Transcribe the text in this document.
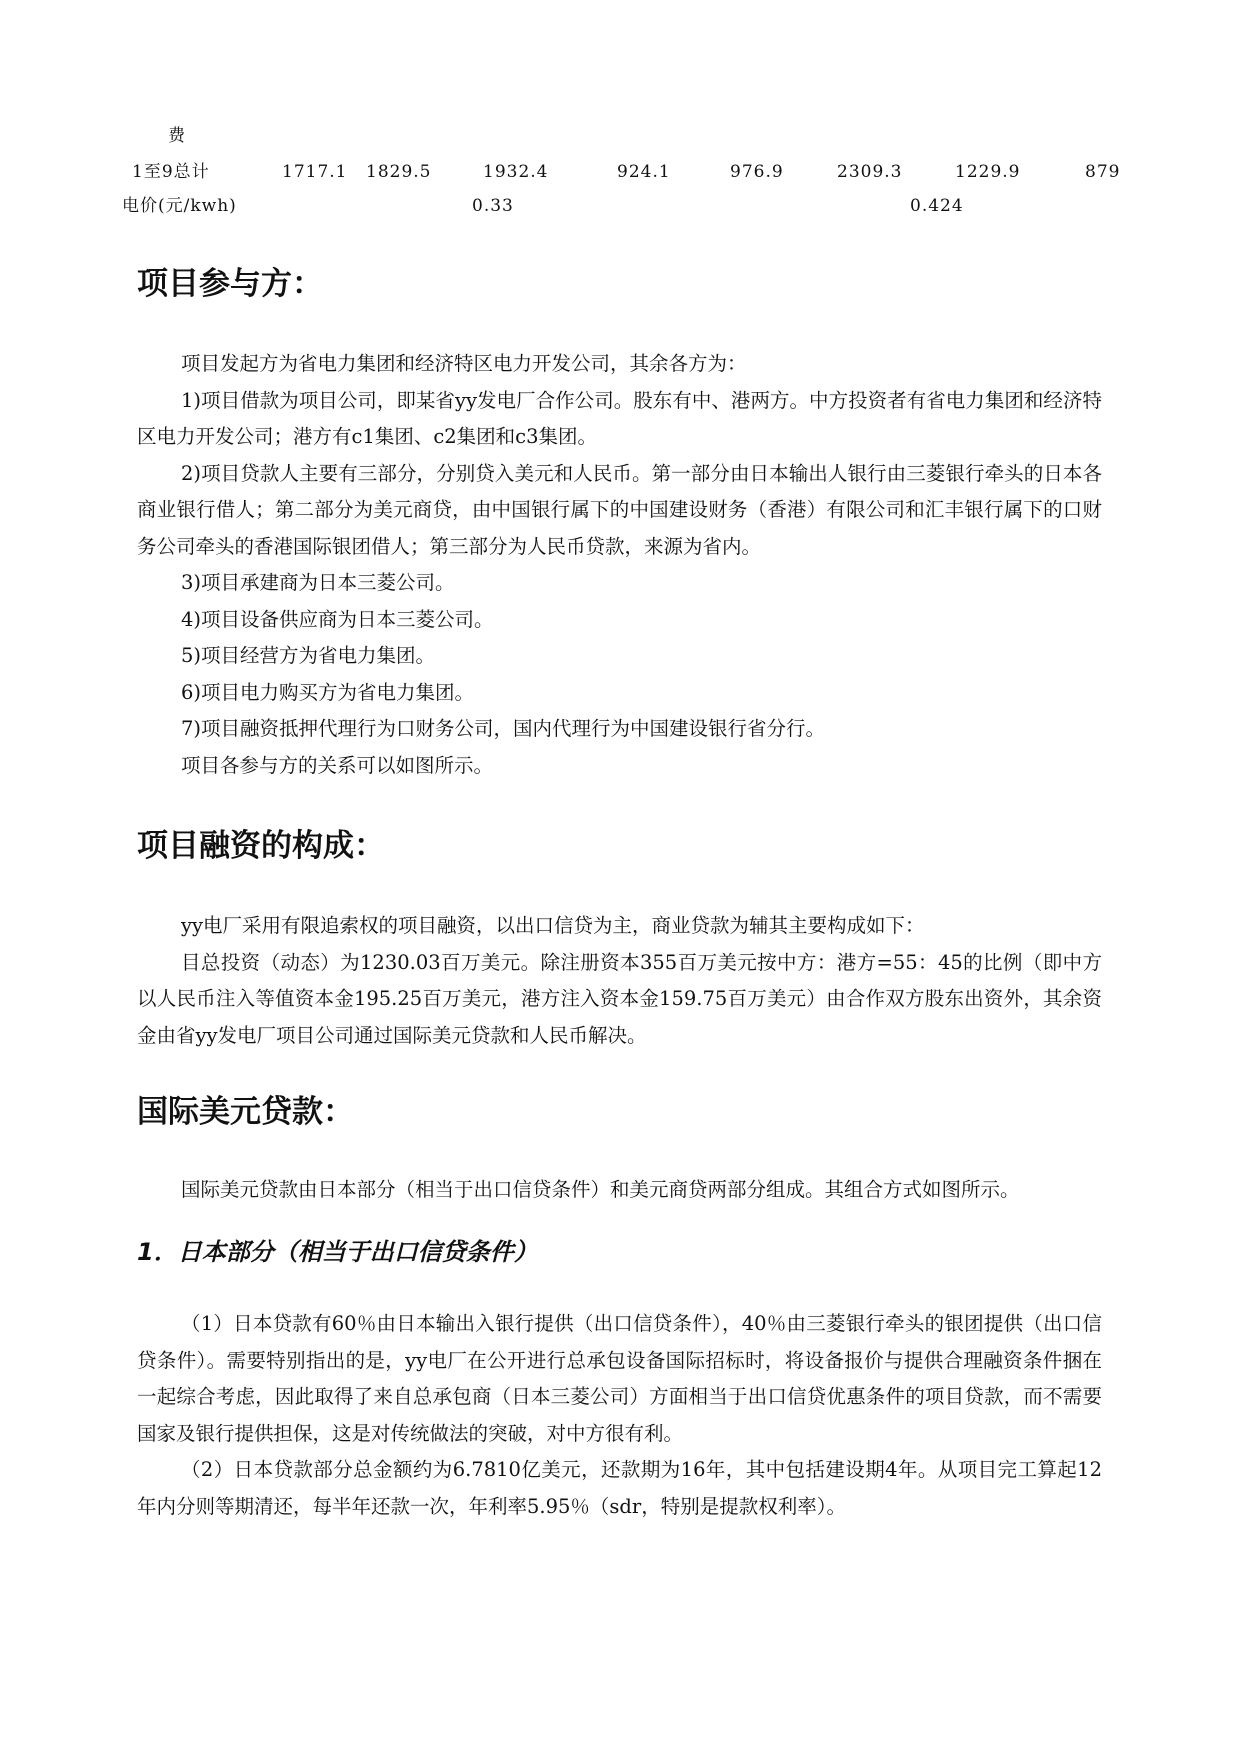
费
1至9总计	1717.1 1829.5	1932.4	924.1	976.9	2309.3	1229.9	879
电价(元/kwh)	0.33	0.424
项目参与方：

项目发起方为省电力集团和经济特区电力开发公司，其余各方为：

1)项目借款为项目公司，即某省yy发电厂合作公司。股东有中、港两方。中方投资者有省电力集团和经济特区电力开发公司；港方有c1集团、c2集团和c3集团。

2)项目贷款人主要有三部分，分别贷入美元和人民币。第一部分由日本输出人银行由三菱银行牵头的日本各商业银行借人；第二部分为美元商贷，由中国银行属下的中国建设财务（香港）有限公司和汇丰银行属下的口财务公司牵头的香港国际银团借人；第三部分为人民币贷款，来源为省内。

3)项目承建商为日本三菱公司。

4)项目设备供应商为日本三菱公司。

5)项目经营方为省电力集团。

6)项目电力购买方为省电力集团。

7)项目融资抵押代理行为口财务公司，国内代理行为中国建设银行省分行。

项目各参与方的关系可以如图所示。

项目融资的构成：

yy电厂采用有限追索权的项目融资，以出口信贷为主，商业贷款为辅其主要构成如下：

目总投资（动态）为1230.03百万美元。除注册资本355百万美元按中方：港方=55：45的比例（即中方以人民币注入等值资本金195.25百万美元，港方注入资本金159.75百万美元）由合作双方股东出资外，其余资金由省yy发电厂项目公司通过国际美元贷款和人民币解决。

国际美元贷款：

国际美元贷款由日本部分（相当于出口信贷条件）和美元商贷两部分组成。其组合方式如图所示。

1．日本部分（相当于出口信贷条件）

（1）日本贷款有60％由日本输出入银行提供（出口信贷条件），40％由三菱银行牵头的银团提供（出口信贷条件）。需要特别指出的是，yy电厂在公开进行总承包设备国际招标时，将设备报价与提供合理融资条件捆在一起综合考虑，因此取得了来自总承包商（日本三菱公司）方面相当于出口信贷优惠条件的项目贷款，而不需要国家及银行提供担保，这是对传统做法的突破，对中方很有利。

（2）日本贷款部分总金额约为6.7810亿美元，还款期为16年，其中包括建设期4年。从项目完工算起12年内分则等期清还，每半年还款一次，年利率5.95％（sdr，特别是提款权利率）。
